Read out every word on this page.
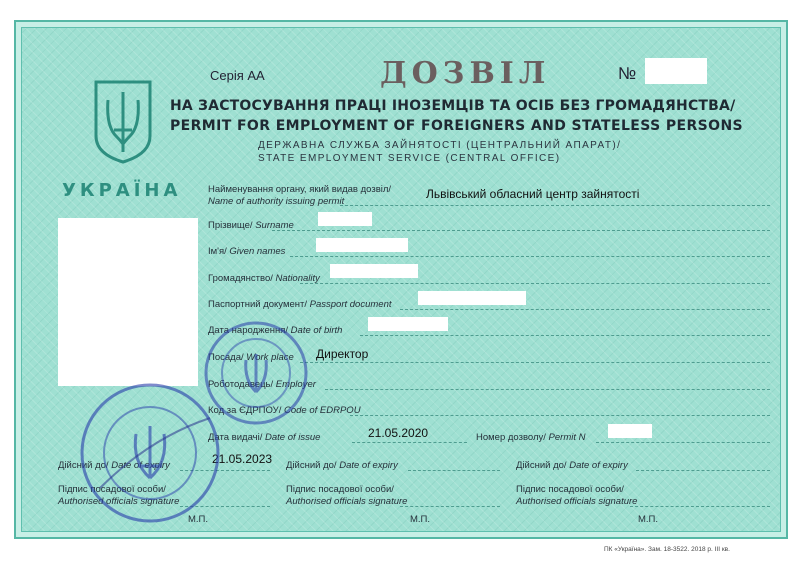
Серія АА	ДОЗВІЛ	№
НА ЗАСТОСУВАННЯ ПРАЦІ ІНОЗЕМЦІВ ТА ОСІБ БЕЗ ГРОМАДЯНСТВА/
PERMIT FOR EMPLOYMENT OF FOREIGNERS AND STATELESS PERSONS
ДЕРЖАВНА СЛУЖБА ЗАЙНЯТОСТІ (ЦЕНТРАЛЬНИЙ АПАРАТ)/
STATE EMPLOYMENT SERVICE (CENTRAL OFFICE)
УКРАЇНА	Найменування органу, який видав дозвіл/
Name of authority issuing permit
Львівський обласний центр зайнятості
Прізвище/ Surname
Ім'я/ Given names
Громадянство/ Nationality
Паспортний документ/ Passport document
Дата народження/ Date of birth
Посада/ Work place Директор
Роботодавець/ Employer
Код за ЄДРПОУ/ Code of EDRPOU
Дата видачі/ Date of issue	21.05.2020	Номер дозволу/ Permit N
Дійсний до/ Date of expiry	21.05.2023 Дійсний до/ Date of expiry	Дійсний до/ Date of expiry
Підпис посадової особи/
Authorised officials signature
Підпис посадової особи/
Authorised officials signature
Підпис посадової особи/
Authorised officials signature
М.П.	М.П.	М.П.
ПК «Україна». Зам. 18-3522. 2018 р. III кв.
